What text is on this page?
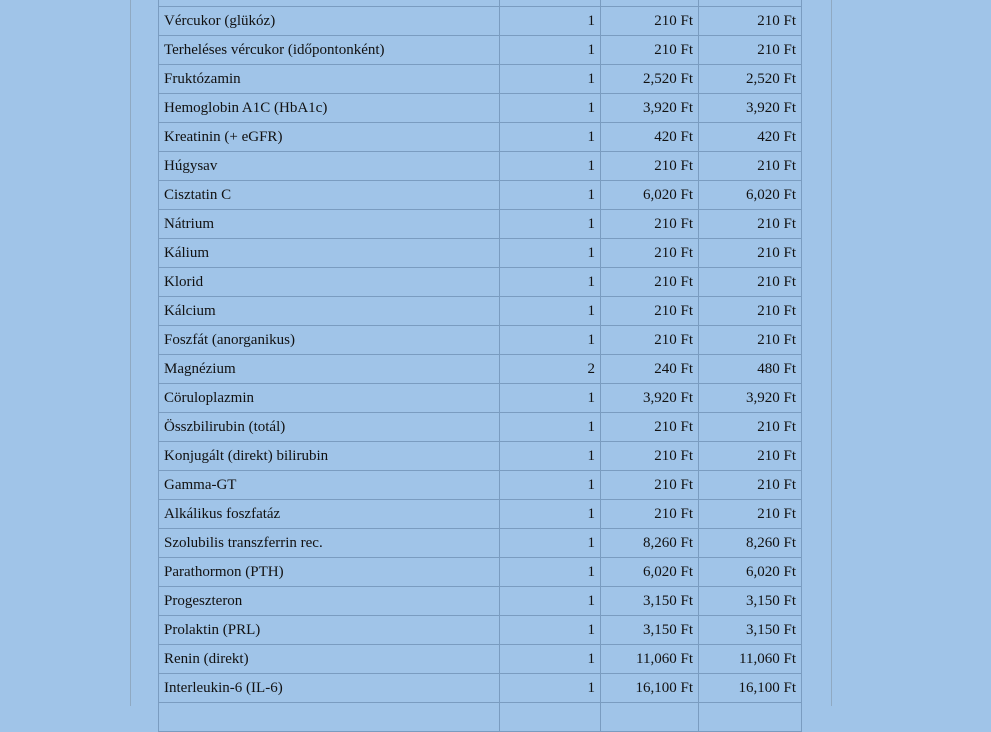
Vércukor (glükóz)	1	210 Ft	210 Ft
Terheléses vércukor (időpontonként)	1	210 Ft	210 Ft
Fruktózamin	1	2,520 Ft	2,520 Ft
Hemoglobin A1C (HbA1c)	1	3,920 Ft	3,920 Ft
Kreatinin (+ eGFR)	1	420 Ft	420 Ft
Húgysav	1	210 Ft	210 Ft
Cisztatin C	1	6,020 Ft	6,020 Ft
Nátrium	1	210 Ft	210 Ft
Kálium	1	210 Ft	210 Ft
Klorid	1	210 Ft	210 Ft
Kálcium	1	210 Ft	210 Ft
Foszfát (anorganikus)	1	210 Ft	210 Ft
Magnézium	2	240 Ft	480 Ft
Cöruloplazmin	1	3,920 Ft	3,920 Ft
Összbilirubin (totál)	1	210 Ft	210 Ft
Konjugált (direkt) bilirubin	1	210 Ft	210 Ft
Gamma-GT	1	210 Ft	210 Ft
Alkálikus foszfatáz	1	210 Ft	210 Ft
Szolubilis transzferrin rec.	1	8,260 Ft	8,260 Ft
Parathormon (PTH)	1	6,020 Ft	6,020 Ft
Progeszteron	1	3,150 Ft	3,150 Ft
Prolaktin (PRL)	1	3,150 Ft	3,150 Ft
Renin (direkt)	1	11,060 Ft	11,060 Ft
Interleukin-6 (IL-6)	1	16,100 Ft	16,100 Ft
